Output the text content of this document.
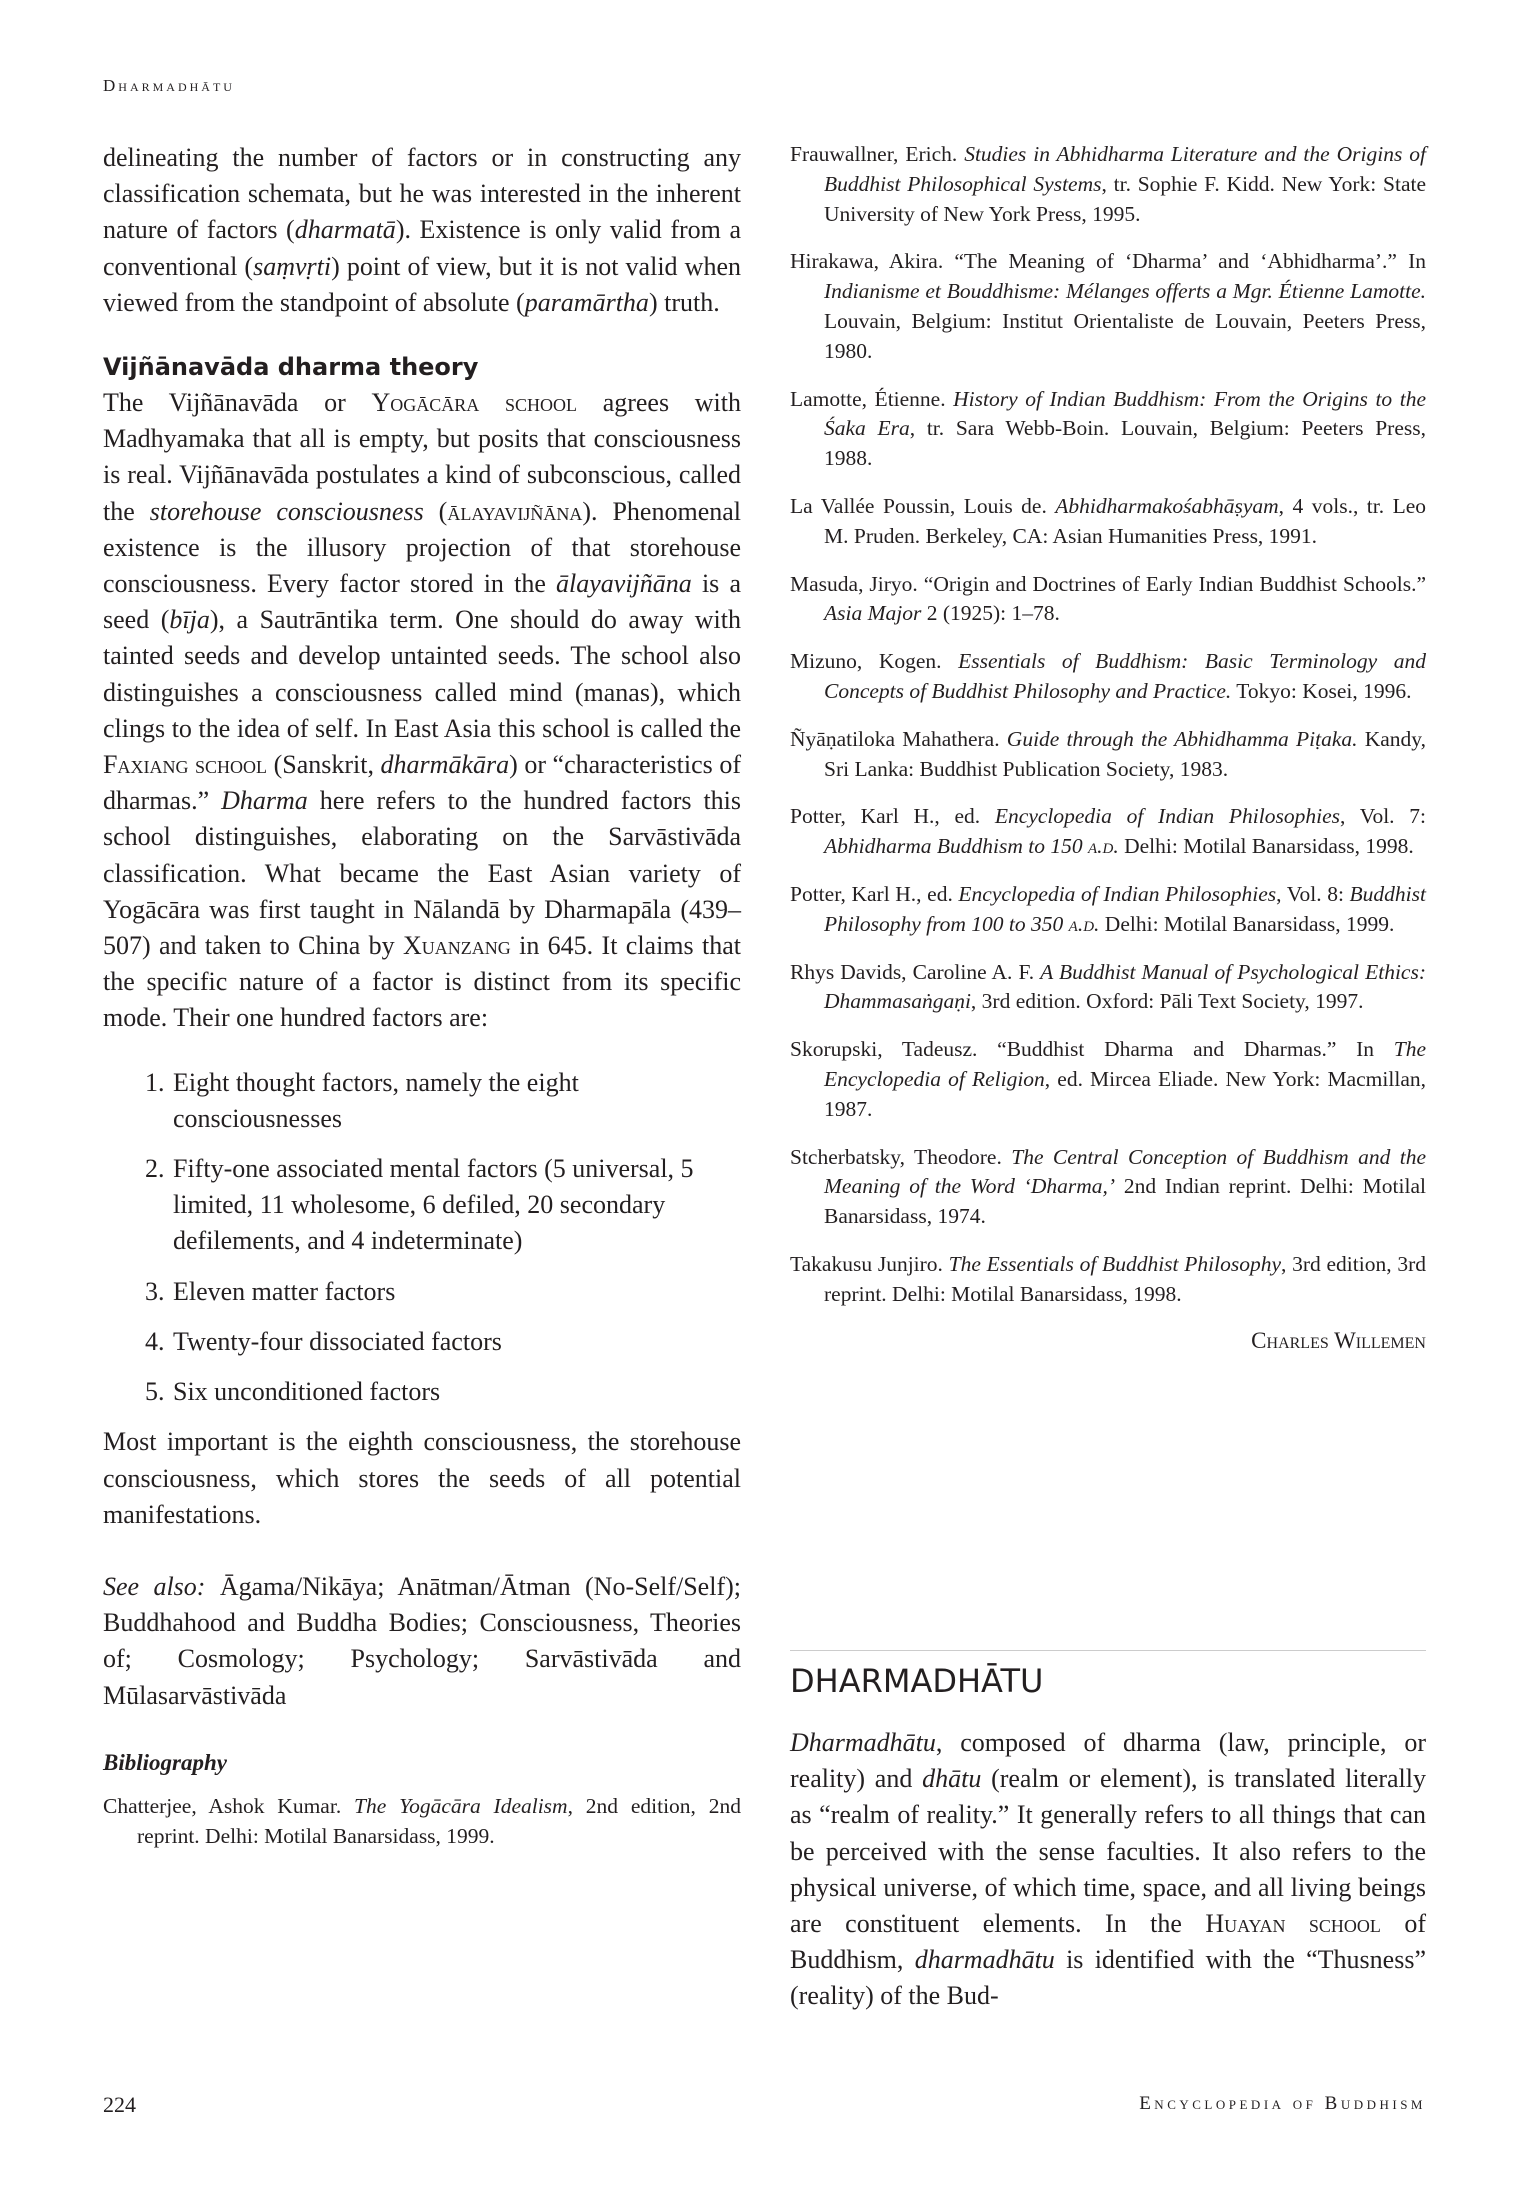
Dharmadhātu

delineating the number of factors or in constructing any classification schemata, but he was interested in the inherent nature of factors (dharmatā). Existence is only valid from a conventional (saṃvṛti) point of view, but it is not valid when viewed from the standpoint of absolute (paramārtha) truth.

Vijñānavāda dharma theory

The Vijñānavāda or Yogācāra school agrees with Madhyamaka that all is empty, but posits that consciousness is real. Vijñānavāda postulates a kind of subconscious, called the storehouse consciousness (ālayavijñāna). Phenomenal existence is the illusory projection of that storehouse consciousness. Every factor stored in the ālayavijñāna is a seed (bīja), a Sautrāntika term. One should do away with tainted seeds and develop untainted seeds. The school also distinguishes a consciousness called mind (manas), which clings to the idea of self. In East Asia this school is called the Faxiang school (Sanskrit, dharmākāra) or “characteristics of dharmas.” Dharma here refers to the hundred factors this school distinguishes, elaborating on the Sarvāstivāda classification. What became the East Asian variety of Yogācāra was first taught in Nālandā by Dharmapāla (439–507) and taken to China by Xuanzang in 645. It claims that the specific nature of a factor is distinct from its specific mode. Their one hundred factors are:

1. Eight thought factors, namely the eight consciousnesses
2. Fifty-one associated mental factors (5 universal, 5 limited, 11 wholesome, 6 defiled, 20 secondary defilements, and 4 indeterminate)
3. Eleven matter factors
4. Twenty-four dissociated factors
5. Six unconditioned factors

Most important is the eighth consciousness, the storehouse consciousness, which stores the seeds of all potential manifestations.

See also: Āgama/Nikāya; Anātman/Ātman (No-Self/Self); Buddhahood and Buddha Bodies; Consciousness, Theories of; Cosmology; Psychology; Sarvāstivāda and Mūlasarvāstivāda

Bibliography

Chatterjee, Ashok Kumar. The Yogācāra Idealism, 2nd edition, 2nd reprint. Delhi: Motilal Banarsidass, 1999.

Frauwallner, Erich. Studies in Abhidharma Literature and the Origins of Buddhist Philosophical Systems, tr. Sophie F. Kidd. New York: State University of New York Press, 1995.

Hirakawa, Akira. “The Meaning of ‘Dharma’ and ‘Abhidharma’.” In Indianisme et Bouddhisme: Mélanges offerts a Mgr. Étienne Lamotte. Louvain, Belgium: Institut Orientaliste de Louvain, Peeters Press, 1980.

Lamotte, Étienne. History of Indian Buddhism: From the Origins to the Śaka Era, tr. Sara Webb-Boin. Louvain, Belgium: Peeters Press, 1988.

La Vallée Poussin, Louis de. Abhidharmakośabhāṣyam, 4 vols., tr. Leo M. Pruden. Berkeley, CA: Asian Humanities Press, 1991.

Masuda, Jiryo. “Origin and Doctrines of Early Indian Buddhist Schools.” Asia Major 2 (1925): 1–78.

Mizuno, Kogen. Essentials of Buddhism: Basic Terminology and Concepts of Buddhist Philosophy and Practice. Tokyo: Kosei, 1996.

Ñyāṇatiloka Mahathera. Guide through the Abhidhamma Piṭaka. Kandy, Sri Lanka: Buddhist Publication Society, 1983.

Potter, Karl H., ed. Encyclopedia of Indian Philosophies, Vol. 7: Abhidharma Buddhism to 150 a.d. Delhi: Motilal Banarsidass, 1998.

Potter, Karl H., ed. Encyclopedia of Indian Philosophies, Vol. 8: Buddhist Philosophy from 100 to 350 a.d. Delhi: Motilal Banarsidass, 1999.

Rhys Davids, Caroline A. F. A Buddhist Manual of Psychological Ethics: Dhammasaṅgaṇi, 3rd edition. Oxford: Pāli Text Society, 1997.

Skorupski, Tadeusz. “Buddhist Dharma and Dharmas.” In The Encyclopedia of Religion, ed. Mircea Eliade. New York: Macmillan, 1987.

Stcherbatsky, Theodore. The Central Conception of Buddhism and the Meaning of the Word ‘Dharma,’ 2nd Indian reprint. Delhi: Motilal Banarsidass, 1974.

Takakusu Junjiro. The Essentials of Buddhist Philosophy, 3rd edition, 3rd reprint. Delhi: Motilal Banarsidass, 1998.

Charles Willemen
DHARMADHĀTU

Dharmadhātu, composed of dharma (law, principle, or reality) and dhātu (realm or element), is translated literally as “realm of reality.” It generally refers to all things that can be perceived with the sense faculties. It also refers to the physical universe, of which time, space, and all living beings are constituent elements. In the Huayan school of Buddhism, dharmadhātu is identified with the “Thusness” (reality) of the Bud-

224	Encyclopedia of Buddhism
